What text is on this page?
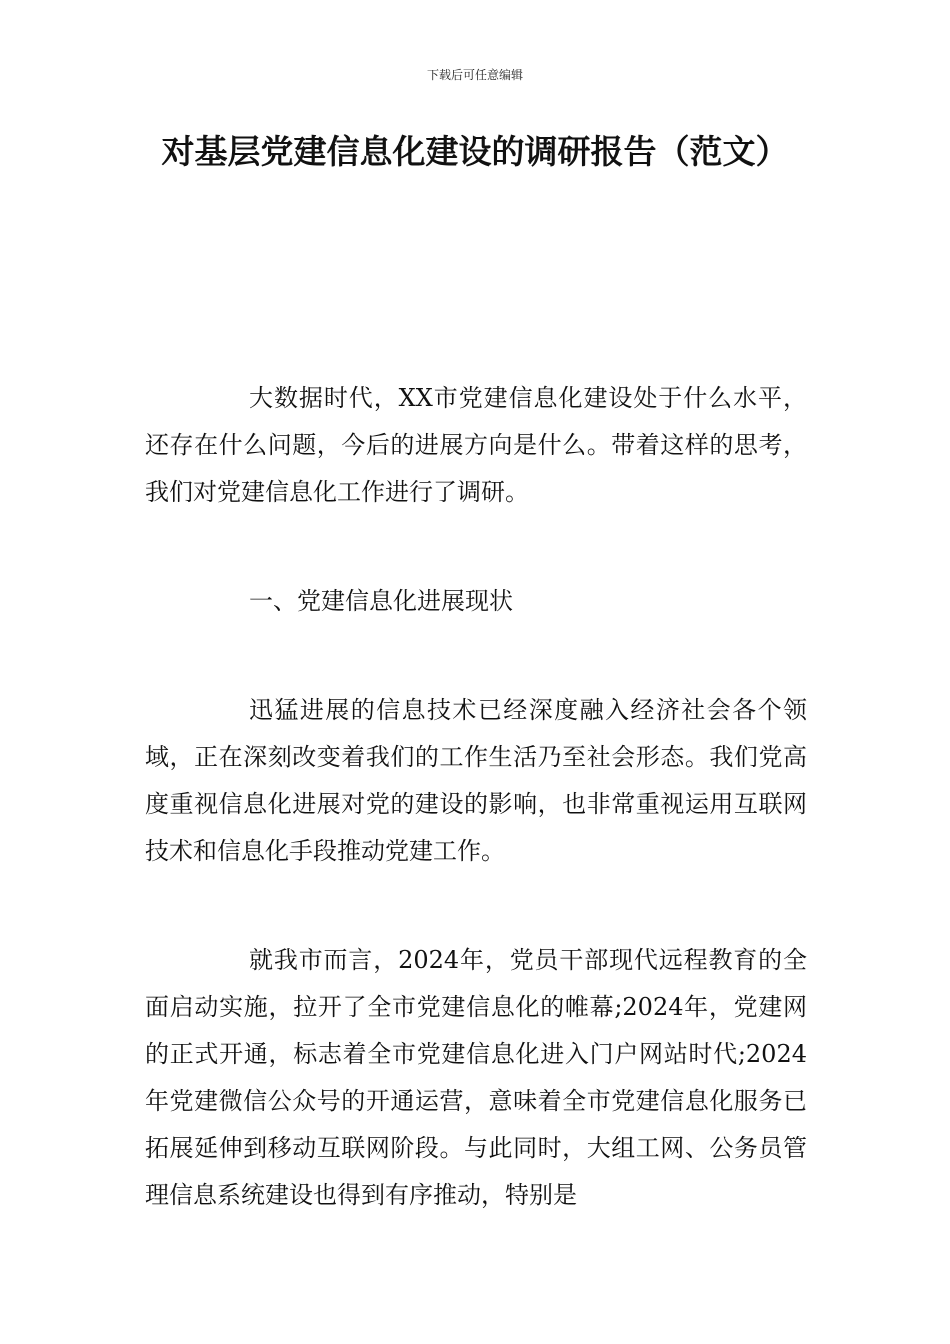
下载后可任意编辑
对基层党建信息化建设的调研报告（范文）

大数据时代，XX市党建信息化建设处于什么水平，还存在什么问题，今后的进展方向是什么。带着这样的思考，我们对党建信息化工作进行了调研。

一、党建信息化进展现状

迅猛进展的信息技术已经深度融入经济社会各个领域，正在深刻改变着我们的工作生活乃至社会形态。我们党高度重视信息化进展对党的建设的影响，也非常重视运用互联网技术和信息化手段推动党建工作。

就我市而言，2024年，党员干部现代远程教育的全面启动实施，拉开了全市党建信息化的帷幕;2024年，党建网的正式开通，标志着全市党建信息化进入门户网站时代;2024年党建微信公众号的开通运营，意味着全市党建信息化服务已拓展延伸到移动互联网阶段。与此同时，大组工网、公务员管理信息系统建设也得到有序推动，特别是
